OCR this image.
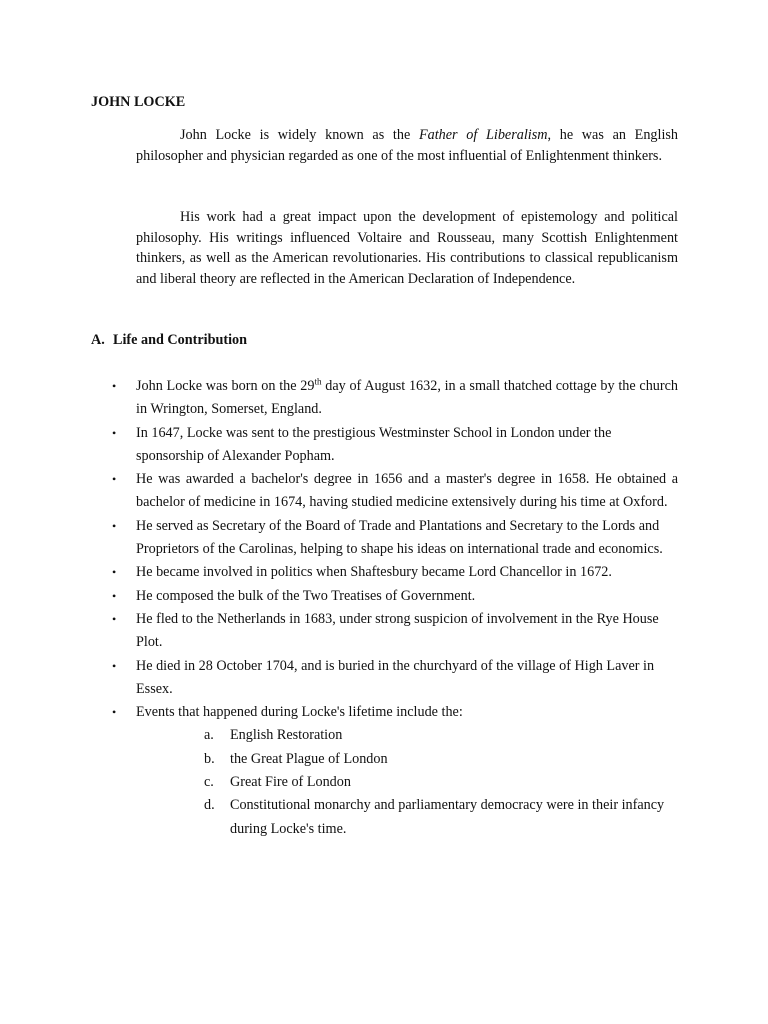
JOHN LOCKE

John Locke is widely known as the Father of Liberalism, he was an English philosopher and physician regarded as one of the most influential of Enlightenment thinkers.

His work had a great impact upon the development of epistemology and political philosophy. His writings influenced Voltaire and Rousseau, many Scottish Enlightenment thinkers, as well as the American revolutionaries. His contributions to classical republicanism and liberal theory are reflected in the American Declaration of Independence.

A. Life and Contribution
• John Locke was born on the 29th day of August 1632, in a small thatched cottage by the church in Wrington, Somerset, England.
• In 1647, Locke was sent to the prestigious Westminster School in London under the sponsorship of Alexander Popham.
• He was awarded a bachelor's degree in 1656 and a master's degree in 1658. He obtained a bachelor of medicine in 1674, having studied medicine extensively during his time at Oxford.
• He served as Secretary of the Board of Trade and Plantations and Secretary to the Lords and Proprietors of the Carolinas, helping to shape his ideas on international trade and economics.
• He became involved in politics when Shaftesbury became Lord Chancellor in 1672.
• He composed the bulk of the Two Treatises of Government.
• He fled to the Netherlands in 1683, under strong suspicion of involvement in the Rye House Plot.
• He died in 28 October 1704, and is buried in the churchyard of the village of High Laver in Essex.
• Events that happened during Locke's lifetime include the:
a. English Restoration
b. the Great Plague of London
c. Great Fire of London
d. Constitutional monarchy and parliamentary democracy were in their infancy during Locke's time.
